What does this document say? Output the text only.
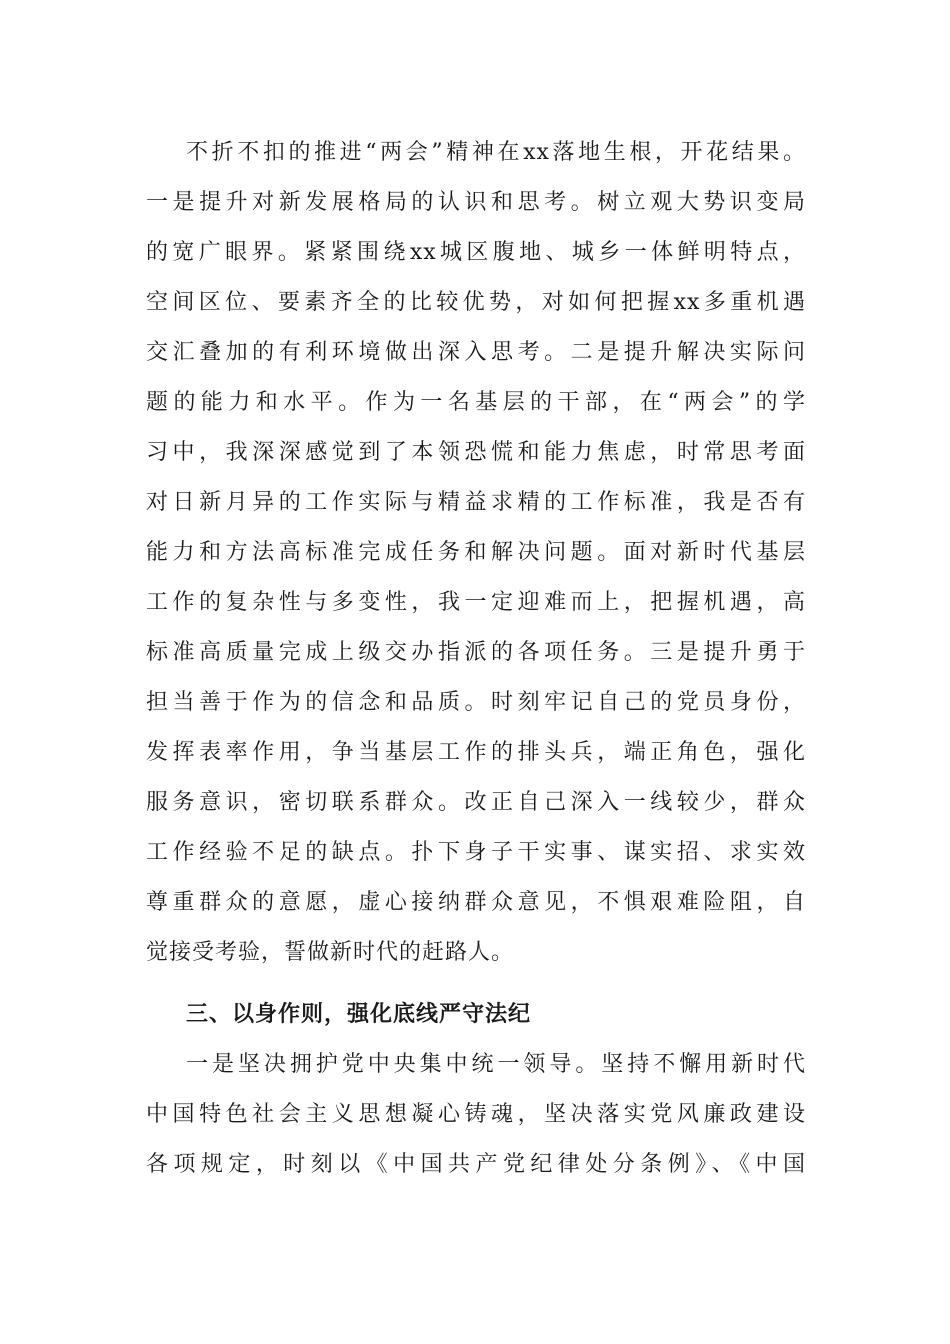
不折不扣的推进“两会”精神在xx落地生根，开花结果。
一是提升对新发展格局的认识和思考。树立观大势识变局
的宽广眼界。紧紧围绕xx城区腹地、城乡一体鲜明特点，
空间区位、要素齐全的比较优势，对如何把握xx多重机遇
交汇叠加的有利环境做出深入思考。二是提升解决实际问
题的能力和水平。作为一名基层的干部，在“两会”的学
习中，我深深感觉到了本领恐慌和能力焦虑，时常思考面
对日新月异的工作实际与精益求精的工作标准，我是否有
能力和方法高标准完成任务和解决问题。面对新时代基层
工作的复杂性与多变性，我一定迎难而上，把握机遇，高
标准高质量完成上级交办指派的各项任务。三是提升勇于
担当善于作为的信念和品质。时刻牢记自己的党员身份，
发挥表率作用，争当基层工作的排头兵，端正角色，强化
服务意识，密切联系群众。改正自己深入一线较少，群众
工作经验不足的缺点。扑下身子干实事、谋实招、求实效
尊重群众的意愿，虚心接纳群众意见，不惧艰难险阻，自
觉接受考验，誓做新时代的赶路人。
三、以身作则，强化底线严守法纪
一是坚决拥护党中央集中统一领导。坚持不懈用新时代
中国特色社会主义思想凝心铸魂，坚决落实党风廉政建设
各项规定，时刻以《中国共产党纪律处分条例》、《中国
